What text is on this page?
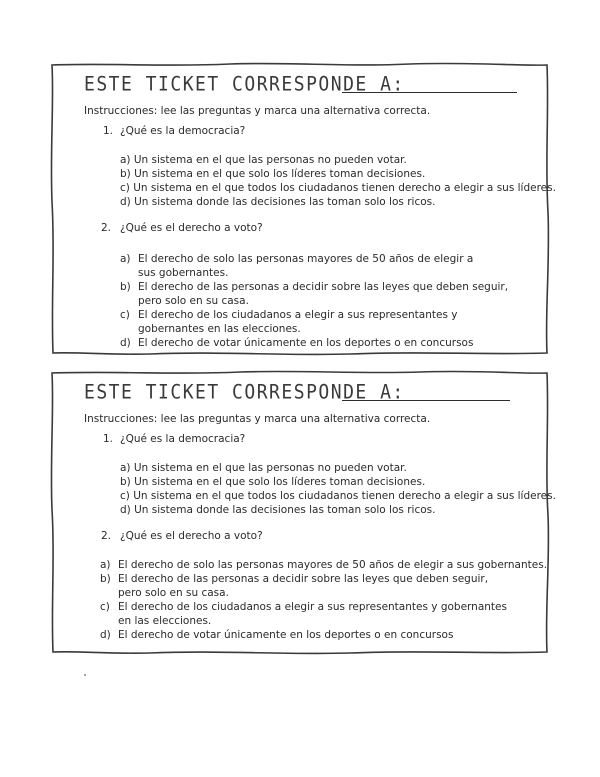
ESTE TICKET CORRESPONDE A:
Instrucciones: lee las preguntas y marca una alternativa correcta.
1. ¿Qué es la democracia?
a) Un sistema en el que las personas no pueden votar.
b) Un sistema en el que solo los líderes toman decisiones.
c) Un sistema en el que todos los ciudadanos tienen derecho a elegir a sus líderes.
d) Un sistema donde las decisiones las toman solo los ricos.
2. ¿Qué es el derecho a voto?
a) El derecho de solo las personas mayores de 50 años de elegir a sus gobernantes.
b) El derecho de las personas a decidir sobre las leyes que deben seguir, pero solo en su casa.
c) El derecho de los ciudadanos a elegir a sus representantes y gobernantes en las elecciones.
d) El derecho de votar únicamente en los deportes o en concursos
ESTE TICKET CORRESPONDE A:
Instrucciones: lee las preguntas y marca una alternativa correcta.
1. ¿Qué es la democracia?
a) Un sistema en el que las personas no pueden votar.
b) Un sistema en el que solo los líderes toman decisiones.
c) Un sistema en el que todos los ciudadanos tienen derecho a elegir a sus líderes.
d) Un sistema donde las decisiones las toman solo los ricos.
2. ¿Qué es el derecho a voto?
a) El derecho de solo las personas mayores de 50 años de elegir a sus gobernantes.
b) El derecho de las personas a decidir sobre las leyes que deben seguir, pero solo en su casa.
c) El derecho de los ciudadanos a elegir a sus representantes y gobernantes en las elecciones.
d) El derecho de votar únicamente en los deportes o en concursos
